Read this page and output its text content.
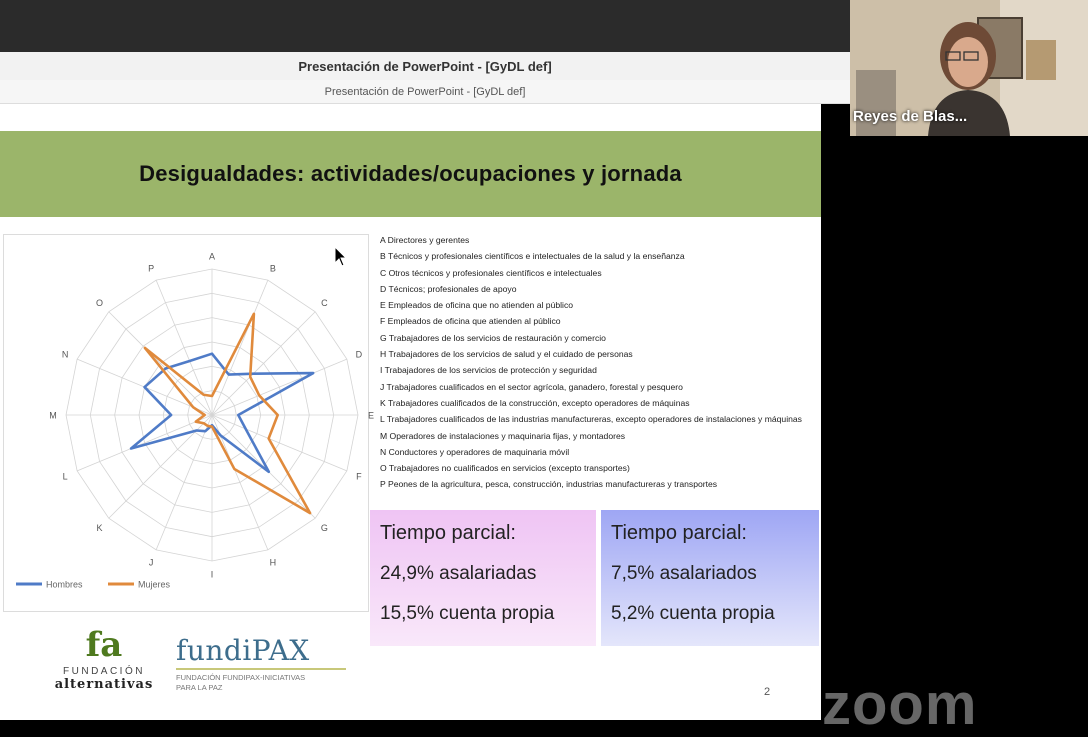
Presentación de PowerPoint - [GyDL def]
Presentación de PowerPoint - [GyDL def]
Desigualdades: actividades/ocupaciones y jornada
A
B
C
D
E
F
G
H
I
J
K
L
M
N
O
P
Hombres	Mujeres
A Directores y gerentes
B Técnicos y profesionales científicos e intelectuales de la salud y la enseñanza
C Otros técnicos y profesionales científicos e intelectuales
D Técnicos; profesionales de apoyo
E Empleados de oficina que no atienden al público
F Empleados de oficina que atienden al público
G Trabajadores de los servicios de restauración y comercio
H Trabajadores de los servicios de salud y el cuidado de personas
I Trabajadores de los servicios de protección y seguridad
J Trabajadores cualificados en el sector agrícola, ganadero, forestal y pesquero
K Trabajadores cualificados de la construcción, excepto operadores de máquinas
L Trabajadores cualificados de las industrias manufactureras, excepto operadores de instalaciones y máquinas
M Operadores de instalaciones y maquinaria fijas, y montadores
N Conductores y operadores de maquinaria móvil
O Trabajadores no cualificados en servicios (excepto transportes)
P Peones de la agricultura, pesca, construcción, industrias manufactureras y transportes
Tiempo parcial:
24,9% asalariadas
15,5% cuenta propia
Tiempo parcial:
7,5% asalariados
5,2% cuenta propia
fa
FUNDACIÓN
alternativas
fundiPAX
FUNDACIÓN FUNDIPAX-INICIATIVAS PARA LA PAZ	2
Reyes de Blas...
zoom
